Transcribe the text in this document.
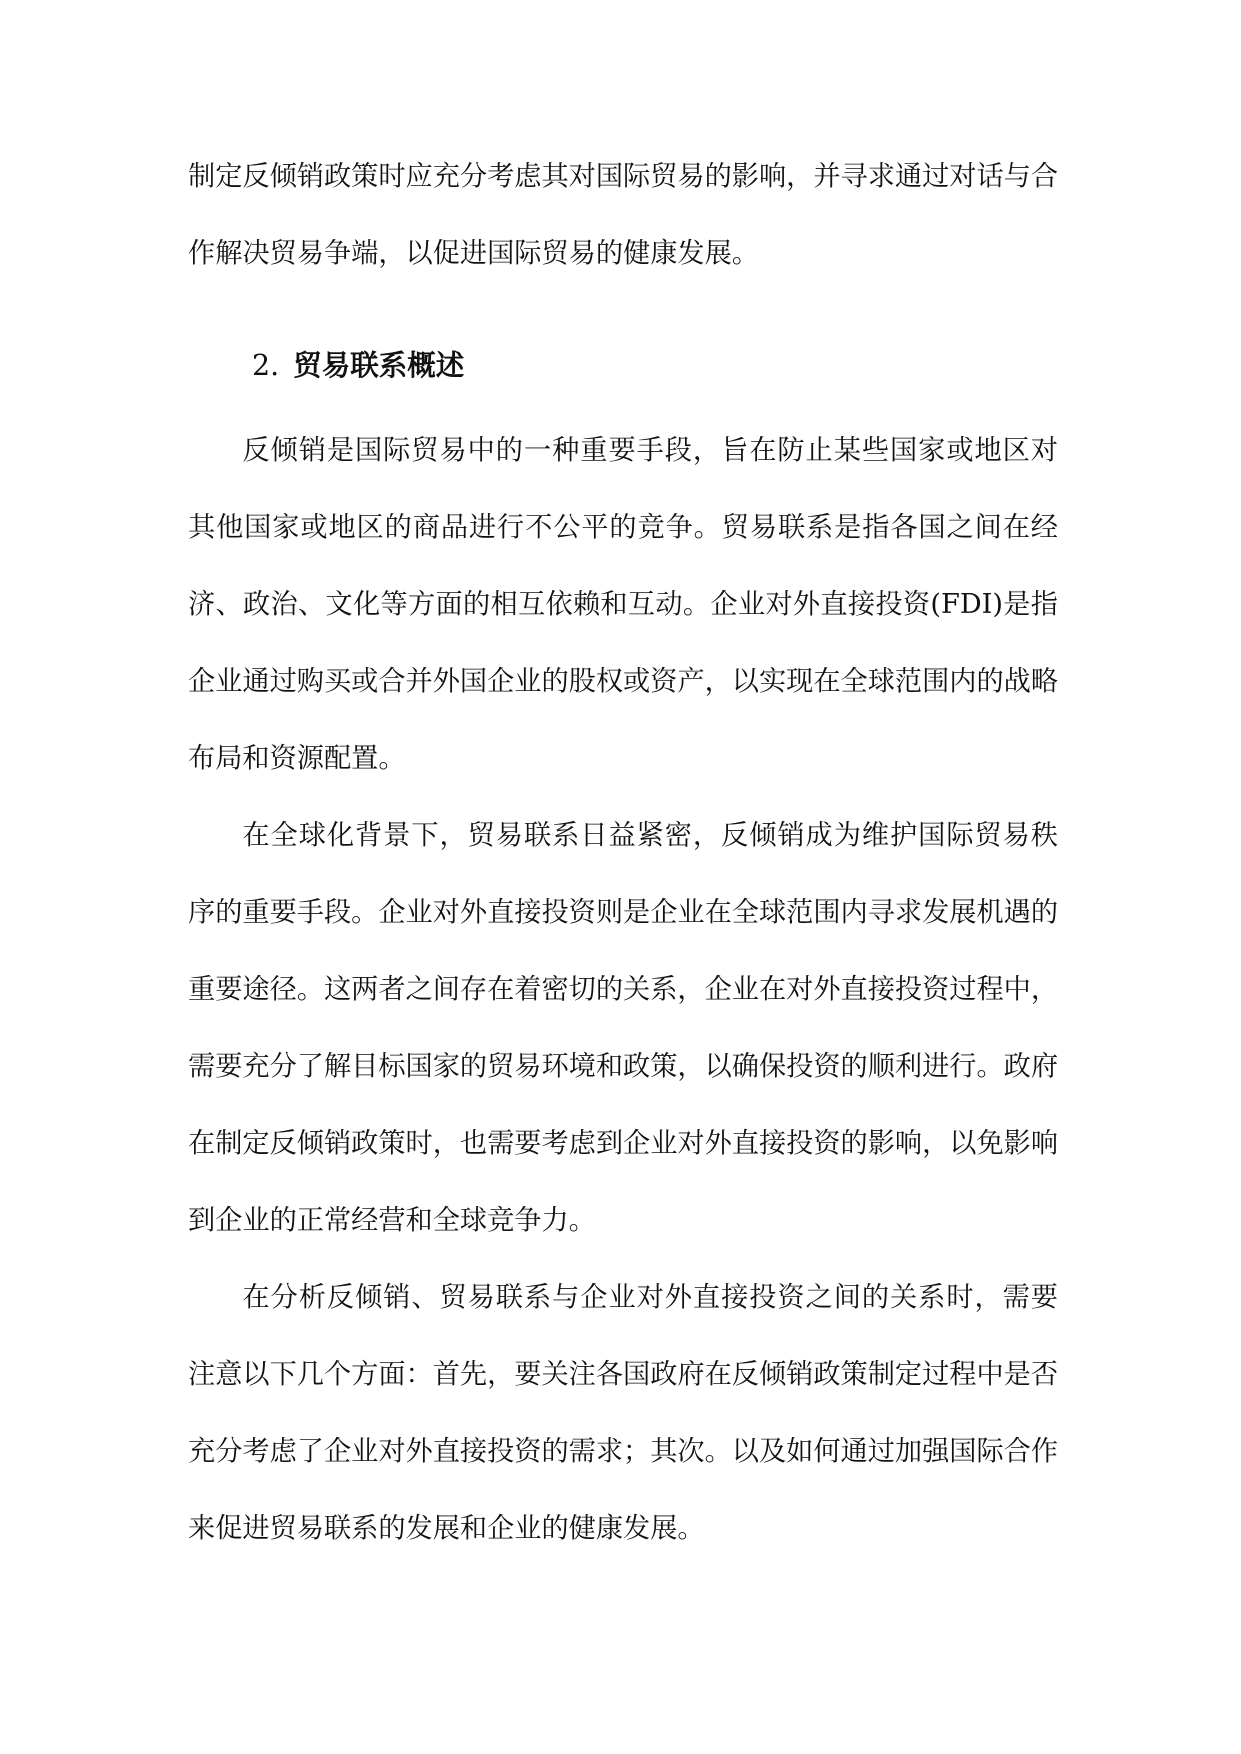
制定反倾销政策时应充分考虑其对国际贸易的影响，并寻求通过对话与合作解决贸易争端，以促进国际贸易的健康发展。

2. 贸易联系概述

反倾销是国际贸易中的一种重要手段，旨在防止某些国家或地区对其他国家或地区的商品进行不公平的竞争。贸易联系是指各国之间在经济、政治、文化等方面的相互依赖和互动。企业对外直接投资(FDI)是指企业通过购买或合并外国企业的股权或资产，以实现在全球范围内的战略布局和资源配置。

在全球化背景下，贸易联系日益紧密，反倾销成为维护国际贸易秩序的重要手段。企业对外直接投资则是企业在全球范围内寻求发展机遇的重要途径。这两者之间存在着密切的关系，企业在对外直接投资过程中，需要充分了解目标国家的贸易环境和政策，以确保投资的顺利进行。政府在制定反倾销政策时，也需要考虑到企业对外直接投资的影响，以免影响到企业的正常经营和全球竞争力。

在分析反倾销、贸易联系与企业对外直接投资之间的关系时，需要注意以下几个方面：首先，要关注各国政府在反倾销政策制定过程中是否充分考虑了企业对外直接投资的需求；其次。以及如何通过加强国际合作来促进贸易联系的发展和企业的健康发展。
